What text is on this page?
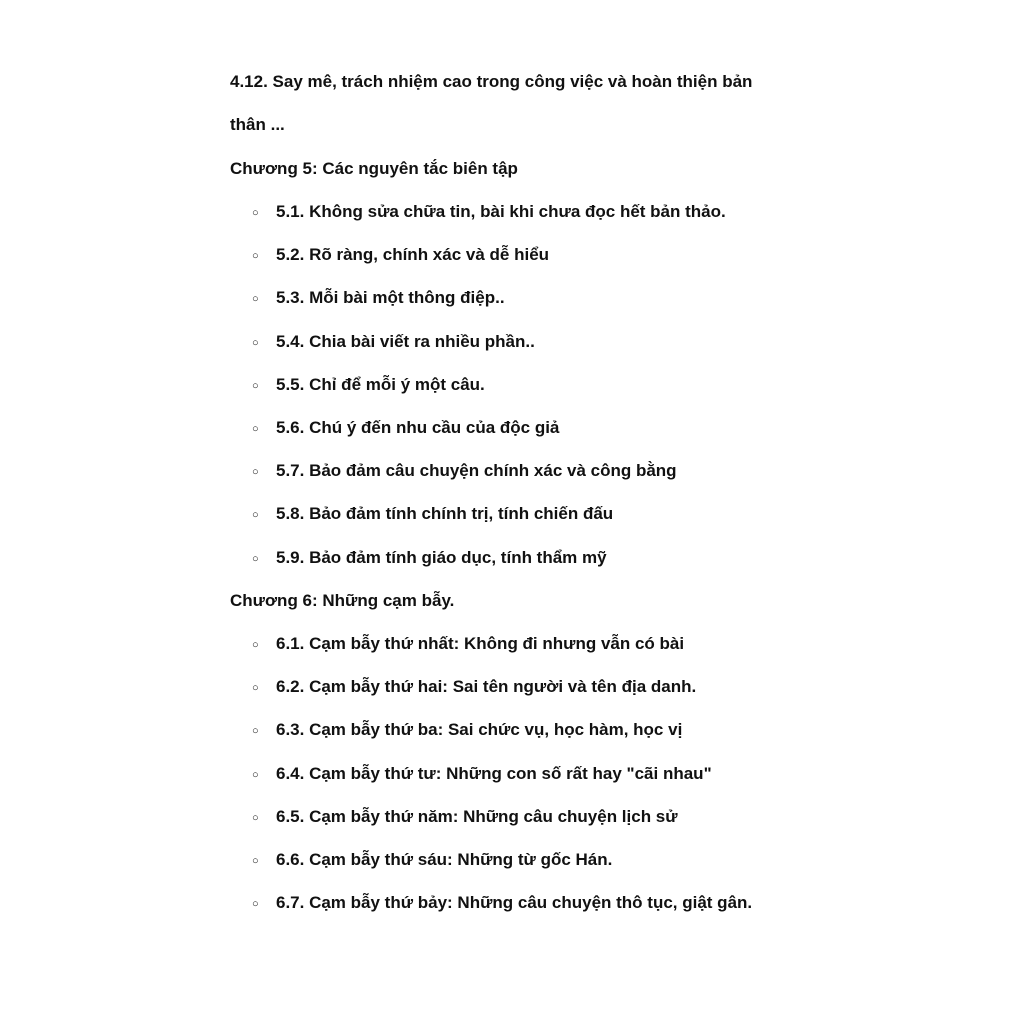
4.12. Say mê, trách nhiệm cao trong công việc và hoàn thiện bản
thân ...
Chương 5: Các nguyên tắc biên tập
○ 5.1. Không sửa chữa tin, bài khi chưa đọc hết bản thảo.
○ 5.2. Rõ ràng, chính xác và dễ hiểu
○ 5.3. Mỗi bài một thông điệp..
○ 5.4. Chia bài viết ra nhiều phần..
○ 5.5. Chỉ để mỗi ý một câu.
○ 5.6. Chú ý đến nhu cầu của độc giả
○ 5.7. Bảo đảm câu chuyện chính xác và công bằng
○ 5.8. Bảo đảm tính chính trị, tính chiến đấu
○ 5.9. Bảo đảm tính giáo dục, tính thẩm mỹ
Chương 6: Những cạm bẫy.
○ 6.1. Cạm bẫy thứ nhất: Không đi nhưng vẫn có bài
○ 6.2. Cạm bẫy thứ hai: Sai tên người và tên địa danh.
○ 6.3. Cạm bẫy thứ ba: Sai chức vụ, học hàm, học vị
○ 6.4. Cạm bẫy thứ tư: Những con số rất hay "cãi nhau"
○ 6.5. Cạm bẫy thứ năm: Những câu chuyện lịch sử
○ 6.6. Cạm bẫy thứ sáu: Những từ gốc Hán.
○ 6.7. Cạm bẫy thứ bảy: Những câu chuyện thô tục, giật gân.
